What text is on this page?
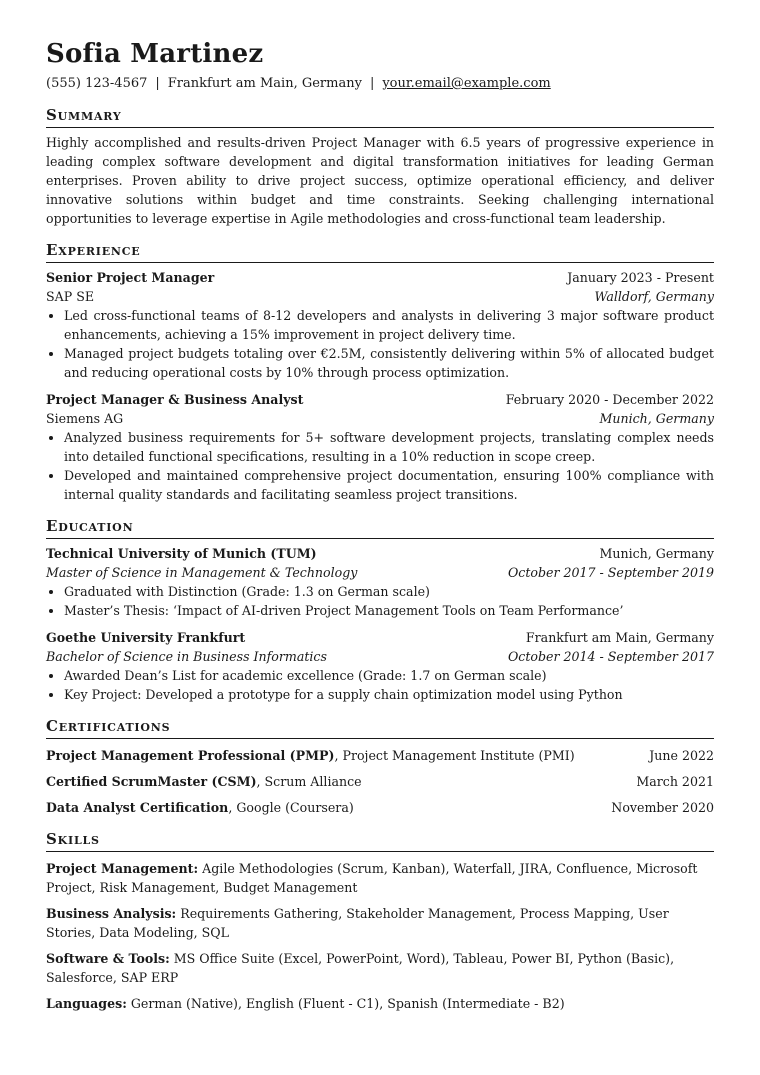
Sofia Martinez
(555) 123-4567 | Frankfurt am Main, Germany | your.email@example.com
Summary
Highly accomplished and results-driven Project Manager with 6.5 years of progressive experience in leading complex software development and digital transformation initiatives for leading German enterprises. Proven ability to drive project success, optimize operational efficiency, and deliver innovative solutions within budget and time constraints. Seeking challenging international opportunities to leverage expertise in Agile methodologies and cross-functional team leadership.
Experience
Senior Project Manager	January 2023 - Present
SAP SE	Walldorf, Germany
• Led cross-functional teams of 8-12 developers and analysts in delivering 3 major software product enhancements, achieving a 15% improvement in project delivery time.
• Managed project budgets totaling over €2.5M, consistently delivering within 5% of allocated budget and reducing operational costs by 10% through process optimization.
Project Manager & Business Analyst	February 2020 - December 2022
Siemens AG	Munich, Germany
• Analyzed business requirements for 5+ software development projects, translating complex needs into detailed functional specifications, resulting in a 10% reduction in scope creep.
• Developed and maintained comprehensive project documentation, ensuring 100% compliance with internal quality standards and facilitating seamless project transitions.
Education
Technical University of Munich (TUM)	Munich, Germany
Master of Science in Management & Technology	October 2017 - September 2019
• Graduated with Distinction (Grade: 1.3 on German scale)
• Master’s Thesis: ‘Impact of AI-driven Project Management Tools on Team Performance’
Goethe University Frankfurt	Frankfurt am Main, Germany
Bachelor of Science in Business Informatics	October 2014 - September 2017
• Awarded Dean’s List for academic excellence (Grade: 1.7 on German scale)
• Key Project: Developed a prototype for a supply chain optimization model using Python
Certifications
Project Management Professional (PMP), Project Management Institute (PMI)	June 2022
Certified ScrumMaster (CSM), Scrum Alliance	March 2021
Data Analyst Certification, Google (Coursera)	November 2020
Skills
Project Management: Agile Methodologies (Scrum, Kanban), Waterfall, JIRA, Confluence, Microsoft Project, Risk Management, Budget Management
Business Analysis: Requirements Gathering, Stakeholder Management, Process Mapping, User Stories, Data Modeling, SQL
Software & Tools: MS Office Suite (Excel, PowerPoint, Word), Tableau, Power BI, Python (Basic), Salesforce, SAP ERP
Languages: German (Native), English (Fluent - C1), Spanish (Intermediate - B2)
